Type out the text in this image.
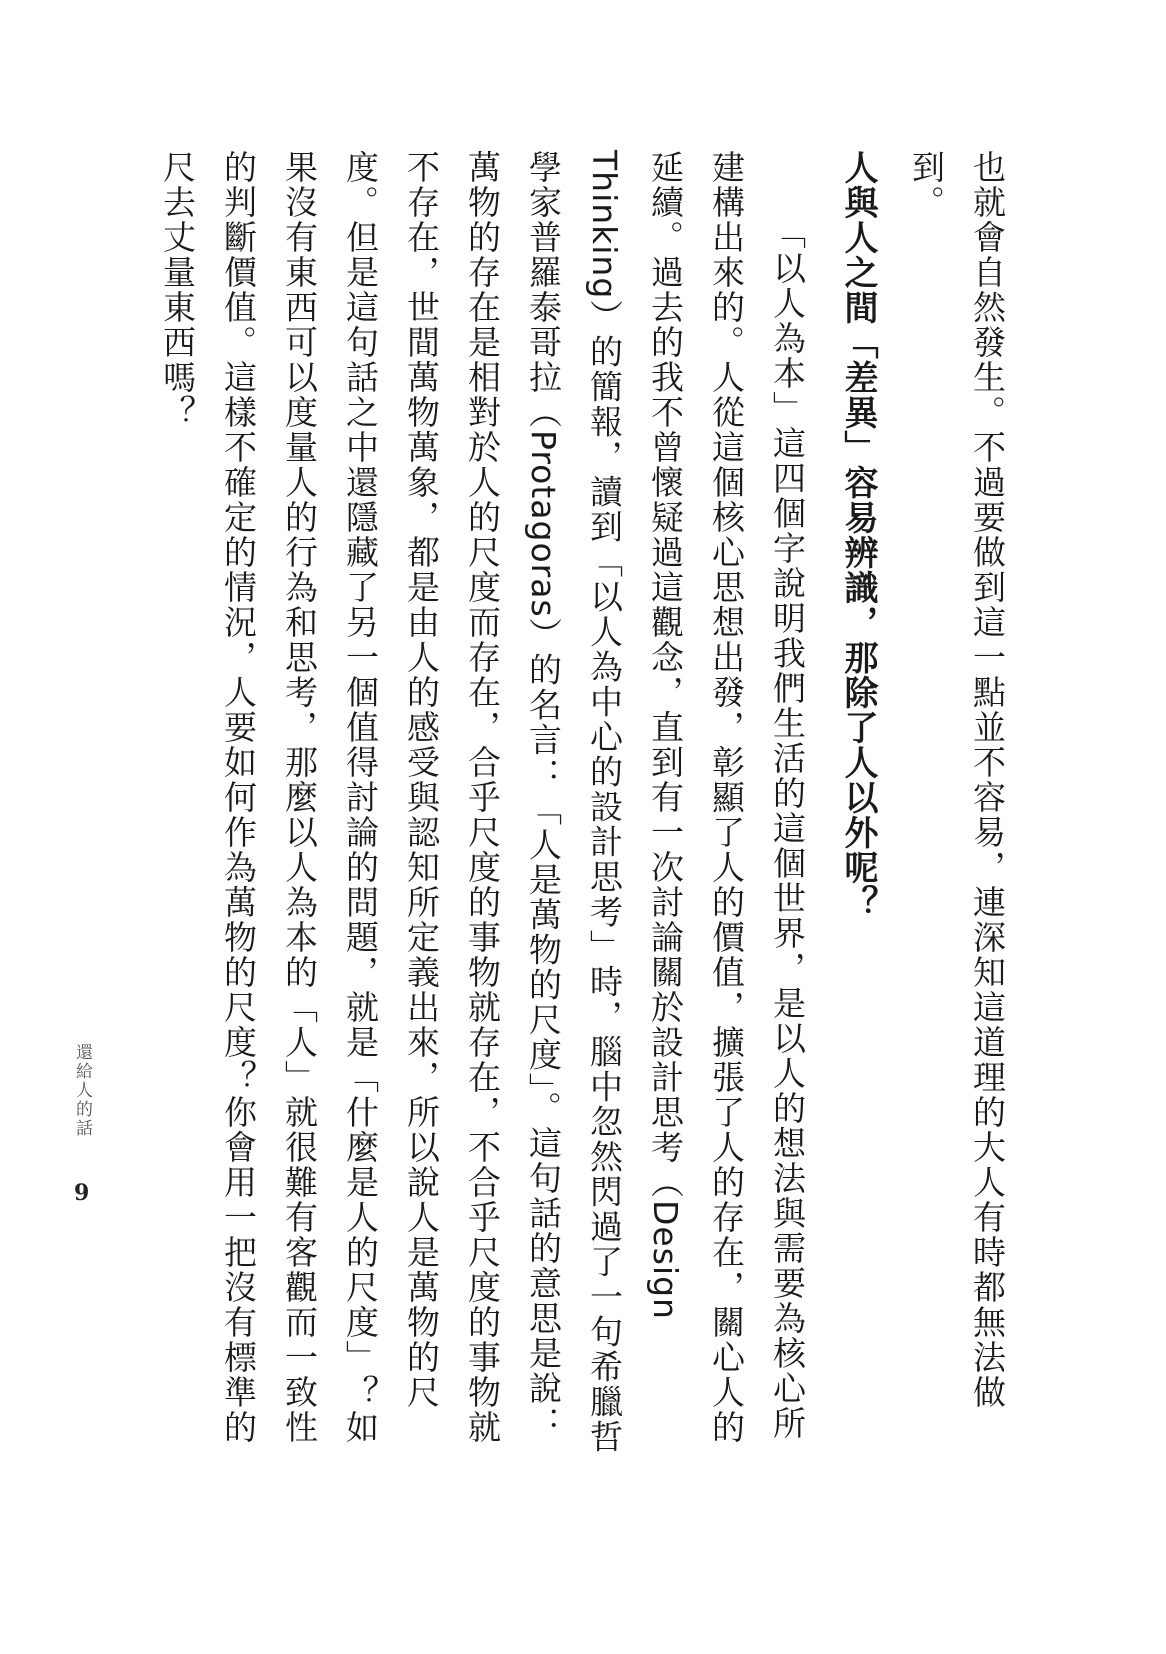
也就會自然發生。不過要做到這一點並不容易，連深知這道理的大人有時都無法做到。

人與人之間「差異」容易辨識，那除了人以外呢？

「以人為本」這四個字說明我們生活的這個世界，是以人的想法與需要為核心所建構出來的。人從這個核心思想出發，彰顯了人的價值，擴張了人的存在，關心人的延續。過去的我不曾懷疑過這觀念，直到有一次討論關於設計思考（Design Thinking）的簡報，讀到「以人為中心的設計思考」時，腦中忽然閃過了一句希臘哲學家普羅泰哥拉（Protagoras）的名言：「人是萬物的尺度」。這句話的意思是說：萬物的存在是相對於人的尺度而存在，合乎尺度的事物就存在，不合乎尺度的事物就不存在，世間萬物萬象，都是由人的感受與認知所定義出來，所以說人是萬物的尺度。但是這句話之中還隱藏了另一個值得討論的問題，就是「什麼是人的尺度」？如果沒有東西可以度量人的行為和思考，那麼以人為本的「人」就很難有客觀而一致性的判斷價值。這樣不確定的情況，人要如何作為萬物的尺度？你會用一把沒有標準的尺去丈量東西嗎？

還給人的話
9
